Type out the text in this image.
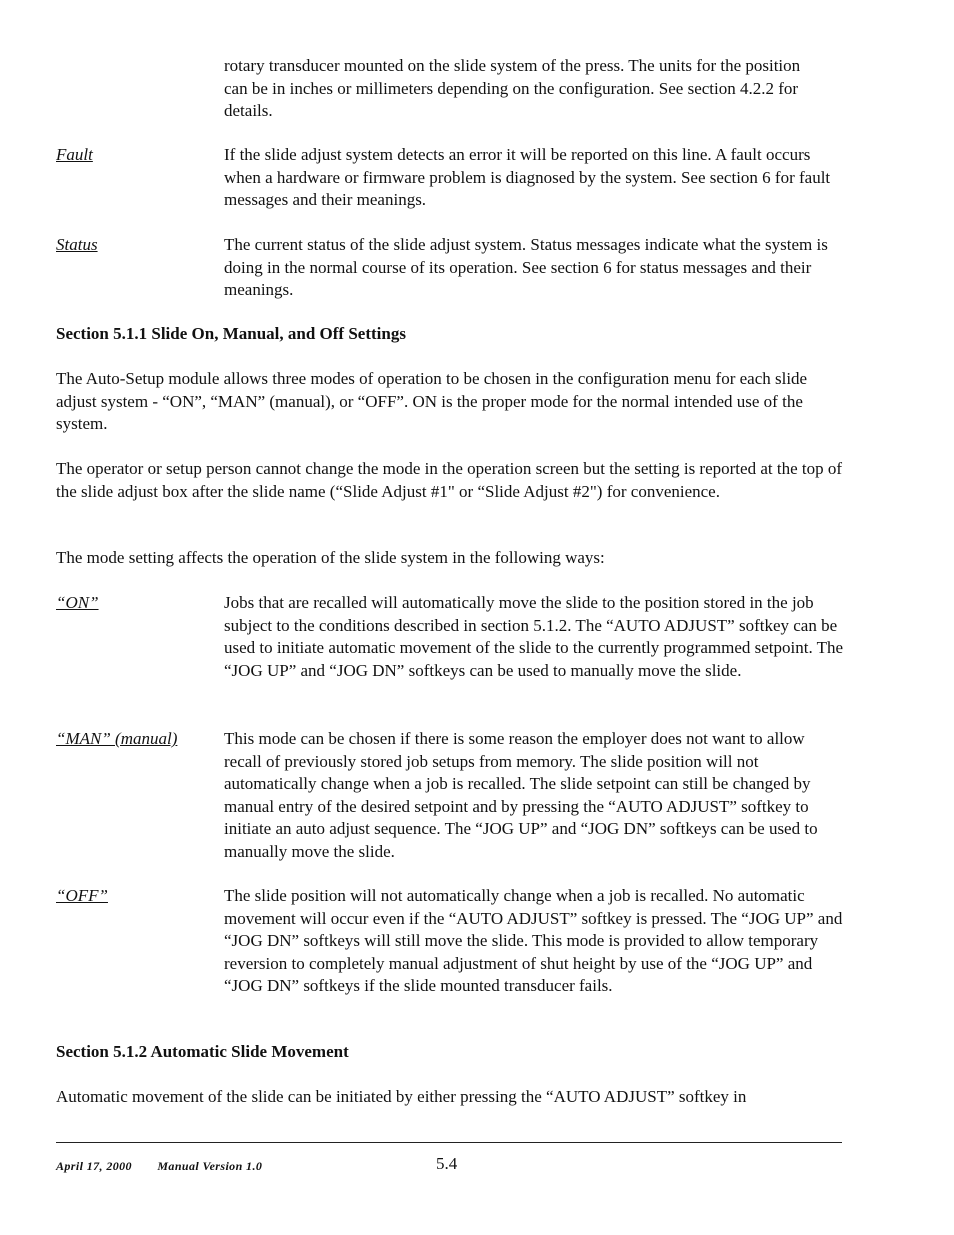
rotary transducer mounted on the slide system of the press. The units for the position can be in inches or millimeters depending on the configuration. See section 4.2.2 for details.

Fault	If the slide adjust system detects an error it will be reported on this line. A fault occurs when a hardware or firmware problem is diagnosed by the system. See section 6 for fault messages and their meanings.

Status	The current status of the slide adjust system. Status messages indicate what the system is doing in the normal course of its operation. See section 6 for status messages and their meanings.

Section 5.1.1 Slide On, Manual, and Off Settings

The Auto-Setup module allows three modes of operation to be chosen in the configuration menu for each slide adjust system - “ON”, “MAN” (manual), or “OFF”. ON is the proper mode for the normal intended use of the system.

The operator or setup person cannot change the mode in the operation screen but the setting is reported at the top of the slide adjust box after the slide name (“Slide Adjust #1" or “Slide Adjust #2") for convenience.

The mode setting affects the operation of the slide system in the following ways:

“ON”	Jobs that are recalled will automatically move the slide to the position stored in the job subject to the conditions described in section 5.1.2. The “AUTO ADJUST” softkey can be used to initiate automatic movement of the slide to the currently programmed setpoint. The “JOG UP” and “JOG DN” softkeys can be used to manually move the slide.

“MAN” (manual)	This mode can be chosen if there is some reason the employer does not want to allow recall of previously stored job setups from memory. The slide position will not automatically change when a job is recalled. The slide setpoint can still be changed by manual entry of the desired setpoint and by pressing the “AUTO ADJUST” softkey to initiate an auto adjust sequence. The “JOG UP” and “JOG DN” softkeys can be used to manually move the slide.

“OFF”	The slide position will not automatically change when a job is recalled. No automatic movement will occur even if the “AUTO ADJUST” softkey is pressed. The “JOG UP” and “JOG DN” softkeys will still move the slide. This mode is provided to allow temporary reversion to completely manual adjustment of shut height by use of the “JOG UP” and “JOG DN” softkeys if the slide mounted transducer fails.

Section 5.1.2 Automatic Slide Movement

Automatic movement of the slide can be initiated by either pressing the “AUTO ADJUST” softkey in

April 17, 2000 Manual Version 1.0	5.4
